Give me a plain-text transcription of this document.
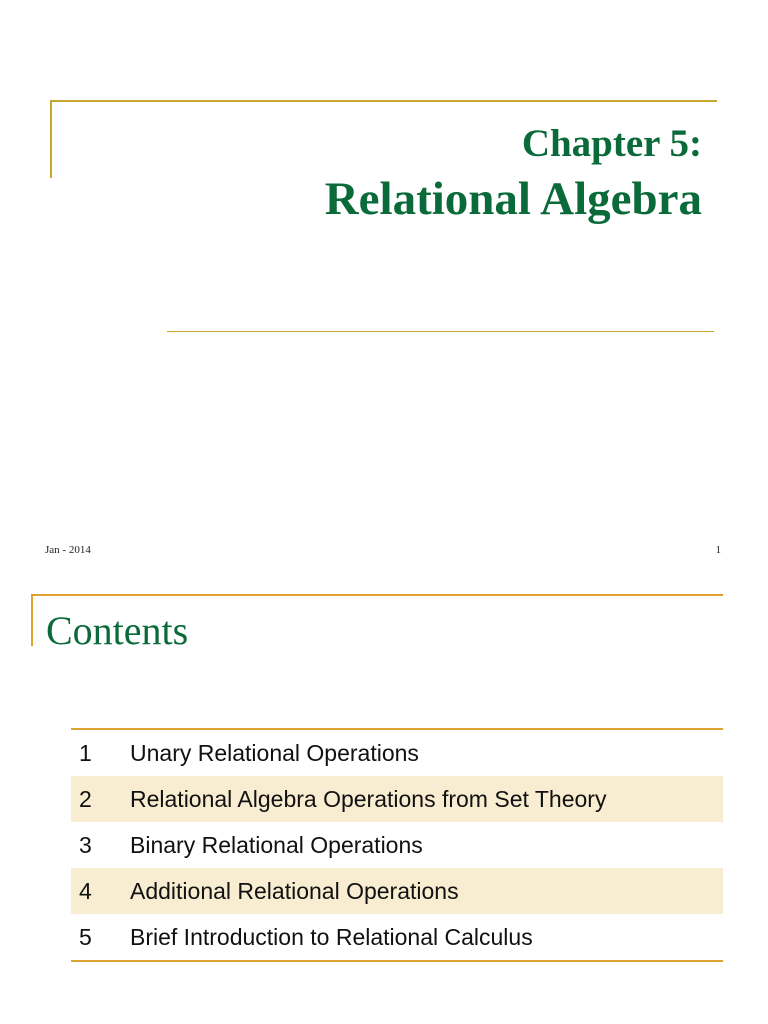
Chapter 5:
Relational Algebra
Jan - 2014	1
Contents
1	Unary Relational Operations
2	Relational Algebra Operations from Set Theory
3	Binary Relational Operations
4	Additional Relational Operations
5	Brief Introduction to Relational Calculus
